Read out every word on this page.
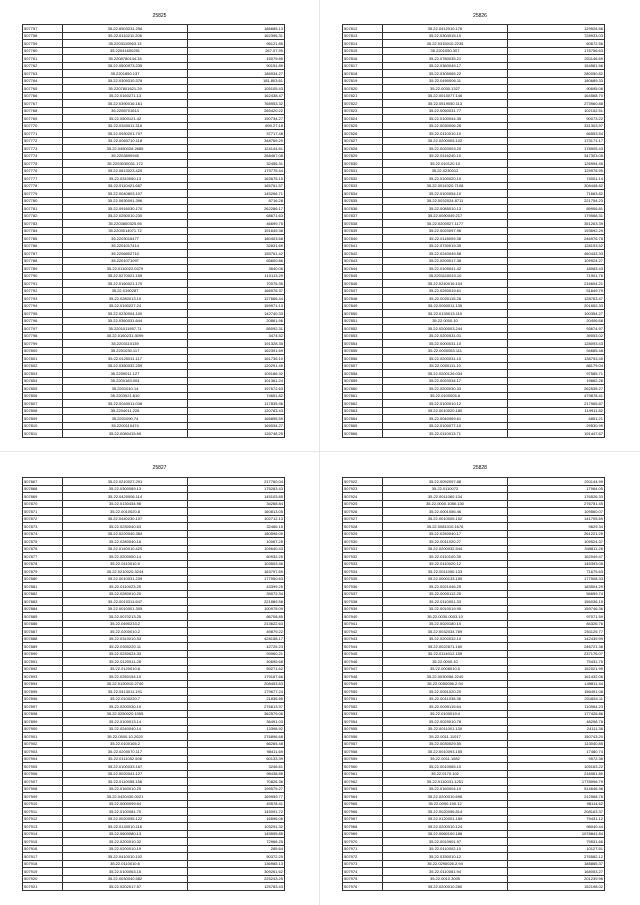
25825
507757	35-22.6503231.256	186685.13
507758	35.22.6110211.206	162396.31
507759	35.2203110963.13	96121.85
507760	35.22041600251	267.07.99
507761	35.2208780144.34	15079.85
507762	35.22.0500973.235	90151.89
507763	35.2201850.137	186934.27
507764	35.22.0309310.376	181.803.61
507765	35.2207801621.29	105105.43
507766	35.22.0160271.13	162438.47
507767	35.22.0390016.161	768953.32
507768	35.2208701614	265420.22
507769	35.22.0500121.42	190734.27
507770	35.22.0340011.316	690.27.18
507771	35.22.0930201.707	37717.48
507772	35.22.0060710.118	348769.29
507773	35.22.0450026.2685	124144.61
507774	35.2203890945	268467.08
507775	35.2203030031.172	32456.31
507776	35.22.0613023.420	179775.44
507777	35.22.0310060.13	163675.15
507778	35.22.0110421.687	165761.57
507779	35.22.0040803.107	145266.71
507780	35.22.0630091.396	8716.28
507781	35.22.0916030.170	262286.17
507782	35.22.0250010.230	68671.63
507783	35.2203800325.95	46699.75
507784	35.2203014071.72	191649.38
507785	35.2203016477	180403.68
507786	35.2201017414	32831.69
507787	35.2206802710	155761.42
507788	35.2201071097	65600.86
507789	35.22.0110022.0379	3640.06
507790	35.22.0270021.155	110113.29
507791	35.22.0160021.170	70076.35
507792	35.22.0190287	166976.37
507793	35.22.0280013.10	127666.44
507794	35.22.0190227.24	159971.13
507795	35.22.0230004.100	142740.33
507796	35.22.0360031.644	20861.96
507797	35.2201011957.71	85092.31
507798	35.22.0160231.3099	3474.52
507799	35.2203110139	191328.35
507800	35.2201030.117	162391.69
507801	35.22.0120011.117	161736.10
507802	35.22.0350032.259	120291.45
507803	35.2209011.127	109186.32
507804	35.2200183.004	101361.24
507805	35.2201010.14	197672.63
507806	35.2203021.810	74651.82
507807	35.22.0040011.038	117835.96
507808	35.2204011.226	120783.43
507809	35.2201090.74	166895.59
507810	35.2200110474	169034.27
507811	35.22.0080415.69	126748.25
25826
507812	35.22.0412010.176	129526.56
507813	35.22.0304015.10	728933.03
507814	35.22.0315010.2235	60672.56
507815	35.2201050.307	176756.63
507816	35.22.0780035.21	201146.69
507817	35.22.0360049.17	154581.56
507818	35.22.0305065.22	280050.82
507819	35.22.0490006.11	180689.33
507820	35.22.0030.1327	90695.08
507821	35.22.0013077.146	164568.70
507822	35.22.0519050.113	273960.88
507823	35.22.0050031.77	102152.51
507824	35.22.0100044.35	90073.22
507825	35.22.0030006.26	331303.97
507826	35.22.0110010.10	66553.54
507827	35.22.0200005.102	173171.17
507828	35.22.0020003.20	178905.43
507829	35.22.0116240.10	347303.05
507830	35.22.010120.10	126994.45
507831	35.22.0230012	129976.99
507832	35.22.0100020.10	74001.14
507833	35.22.0014320.7108	308448.82
507834	35.22.0100054.10	71663.82
507835	35.22.0032024.8711	221754.23
507836	35.22.0085010.13	89906.81
507837	35.22.0090049.217	179568.31
507838	35.22.0200027.1177	351263.39
507839	35.22.0020097.96	193692.29
507840	35.22.0118009.38	246976.78
507841	35.22.0730019.35	128193.52
507842	35.22.0240049.58	460443.33
507843	35.22.0200017.38	109924.27
507844	35.22.0105041.42	18083.43
507845	35.2201110010.10	71901.76
507846	35.22.0240016.104	216604.21
507847	35.22.0250019.61	51649.79
507848	35.22.0020115.28	128763.47
507849	35.22.0050011.135	201652.33
507850	35.22.0130013.110	100354.27
507851	35.22.0000.10	20406.68
507852	35.22.0200003.244	93674.97
507853	35.22.0200031.01	39053.02
507854	35.22.0000031.10	128093.43
507855	35.22.0000053.111	94665.48
507856	35.22.0200031.10	138753.45
507857	35.22.0000111.10	88179.04
507858	35.22.0200126.034	97585.71
507859	35.22.0020034.17	19862.28
507860	35.22.0200030.33	262535.27
507861	35.22.0100005.8	479878.41
507862	35.22.0100010.12	217965.87
507863	35.22.0010020.180	119911.82
507864	35.22.0040069.61	6851.21
507865	35.22.0100077.10	29530.99
507866	35.22.0110013.71	191447.67
25827
507867	35.22.0210027.291	217760.04
507868	35.22.0300089.13	175283.43
507869	35.22.0420006.114	145103.85
507870	35.22.0130434.96	34268.84
507871	35.22.0010020.8	160813.05
507872	35.22.0440230.107	102712.13
507873	35.22.0230040.63	32466.15
507874	35.22.0220040.384	180596.09
507875	35.22.0280040.16	10067.25
507876	35.22.0140010.420	109640.43
507877	35.22.0200050.14	60932.25
507878	35.22.0110010.5	103503.46
507879	35.22.0210020.3244	163797.69
507880	35.22.0010031.239	177950.63
507881	35.22.0110023.25	43399.25
507882	35.22.0280010.20	39072.34
507883	35.22.0010311.647	221889.58
507884	35.22.0010001.305	100975.09
507885	35.22.0070213.25	86708.85
507886	35.22.0490233.2	213622.63
507887	35.22.0200010.2	49879.22
507888	35.22.0310010.53	428158.17
507889	35.22.0300220.11	42725.23
507890	35.22.0230024.33	93960.21
507891	35.22.0120011.28	40699.68
507892	35.22.0120010.8	59271.62
507893	35.22.0250154.10	179167.66
507894	35.22.0120010.2740	208453.63
507895	35.22.0413011.191	179677.24
507896	35.22.0100220.7	21836.85
507897	35.22.0200030.19	276613.97
507898	35.22.0250020.1055	362579.06
507899	35.22.0100013.14	36491.03
507900	35.22.0240040.14	13398.92
507901	35.22.0500.10.2020	276896.68
507902	35.22.0100165.2	66265.48
507903	35.22.0200070.117	98411.69
507904	35.22.0111052.506	60133.39
507905	35.22.0100033.167	3246.61
507906	35.22.0020041.127	98438.85
507907	35.22.0110055.156	70826.36
507908	35.22.0160010.29	199579.27
507909	35.22.0420430.0021	169959.77
507910	35.22.0000099.64	49578.41
507911	35.22.0100081.70	145091.72
507912	35.22.0020095.122	16596.06
507913	35.22.0140010.116	103291.32
507914	35.22.0600080.13	145595.85
507915	35.22.0200010.32	72966.25
507916	35.22.0200010.19	285.64
507917	35.22.0410010.102	50372.25
507918	35.22.0110010.6	136985.13
507919	35.22.0100063.15	309261.62
507920	35.22.0030040.582	225243.25
507921	35.22.0202017.57	125783.43
25828
507922	35.22.0092097.88	201144.99
507923	35.22.0110072	17064.05
507924	35.22.0011060.134	176526.33
507925	35.22.0000.1080.130	276751.45
507926	35.22.0001056.46	109560.07
507927	35.22.0010005.152	141705.69
507928	35.22.0081010.1676	9629.34
507929	35.22.0250040.17	261221.25
507930	35.22.0011020.27	109524.37
507931	35.22.0200032.544	349811.26
507932	35.22.0110100.35	162049.47
507933	35.22.0110020.12	145393.05
507934	35.22.0011050.133	71675.63
507935	35.22.0000133.155	177908.33
507936	35.22.0021046.25	183504.29
507937	35.22.0000112.25	56659.74
507938	35.22.0110001.33	156036.15
507939	35.22.0010019.95	159746.36
507940	35.22.0030.0003.10	97071.59
507941	35.22.0020180.10	84326.76
507942	35.22.0032034.789	251125.77
507943	35.22.0200032.10	142439.99
507944	35.22.0022671.160	246721.38
507945	35.22.0114012.155	237176.07
507946	35.22.0000.10	79431.75
507947	35.22.0008010.5	152021.99
507948	35.22.0030056.2240	161432.06
507949	35.22.0050056.2.94	149811.44
507950	35.22.0051020.20	156491.08
507951	35.22.0011038.36	201654.11
507952	35.22.0009119.64	110964.23
507953	35.22.0100019.4	177426.86
507954	35.22.0029010.78	48298.78
507955	35.22.0011001.130	24111.36
507956	35.22.0011.11017	150743.20
507957	35.22.0030029.50	113040.85
507958	35.22.0010093.155	17480.74
507959	35.22.0011.1082	9572.36
507960	35.22.0010065.10	105163.22
507961	35.22.0170.102	216061.80
507962	35.22.0110031.1251	1778996.79
507963	35.22.0160004.10	514646.38
507964	35.22.0200010.696	212568.76
507965	35.22.0090.190.12	98114.62
507966	35.22.0020056.814	208163.37
507967	35.22.0120001.159	79431.12
507968	35.22.0200010.124	98040.44
507969	35.22.0060100.188	1078841.84
507970	35.22.0010901.97	79531.66
507971	35.22.0110002.10	10127.51
507972	35.22.0330010.12	276582.12
507973	35.22.0290026.2.94	188865.37
507974	35.22.0110081.94	168053.27
507975	35.22.0010.3005	201239.96
507976	35.22.0200010.280	152198.02
